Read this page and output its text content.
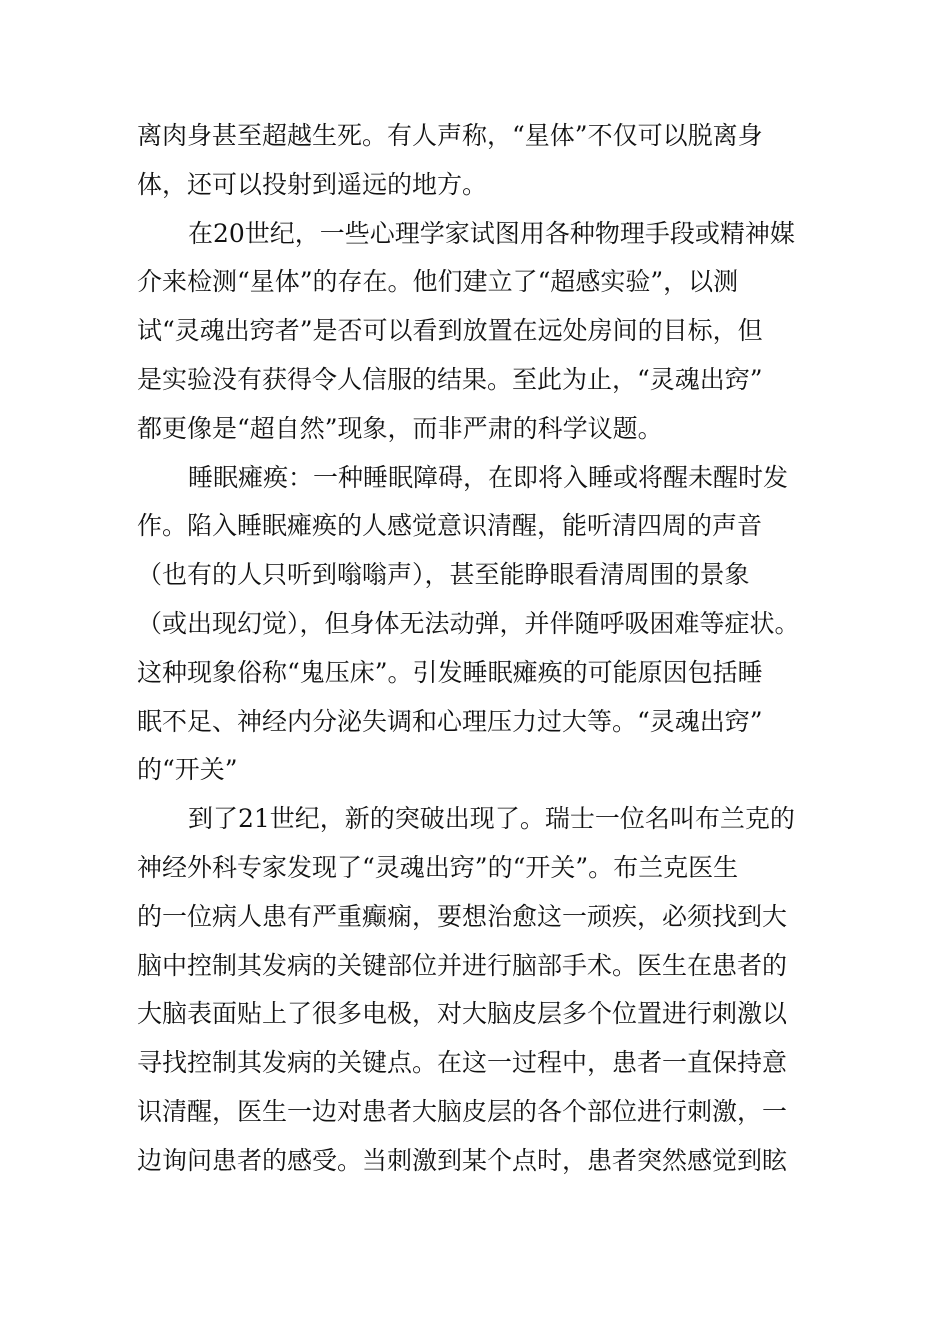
离肉身甚至超越生死。有人声称，“星体”不仅可以脱离身
体，还可以投射到遥远的地方。
在20世纪，一些心理学家试图用各种物理手段或精神媒
介来检测“星体”的存在。他们建立了“超感实验”，以测
试“灵魂出窍者”是否可以看到放置在远处房间的目标，但
是实验没有获得令人信服的结果。至此为止，“灵魂出窍”
都更像是“超自然”现象，而非严肃的科学议题。
睡眠瘫痪：一种睡眠障碍，在即将入睡或将醒未醒时发
作。陷入睡眠瘫痪的人感觉意识清醒，能听清四周的声音
（也有的人只听到嗡嗡声），甚至能睁眼看清周围的景象
（或出现幻觉），但身体无法动弹，并伴随呼吸困难等症状。
这种现象俗称“鬼压床”。引发睡眠瘫痪的可能原因包括睡
眠不足、神经内分泌失调和心理压力过大等。“灵魂出窍”
的“开关”
到了21世纪，新的突破出现了。瑞士一位名叫布兰克的
神经外科专家发现了“灵魂出窍”的“开关”。布兰克医生
的一位病人患有严重癫痫，要想治愈这一顽疾，必须找到大
脑中控制其发病的关键部位并进行脑部手术。医生在患者的
大脑表面贴上了很多电极，对大脑皮层多个位置进行刺激以
寻找控制其发病的关键点。在这一过程中，患者一直保持意
识清醒，医生一边对患者大脑皮层的各个部位进行刺激，一
边询问患者的感受。当刺激到某个点时，患者突然感觉到眩
